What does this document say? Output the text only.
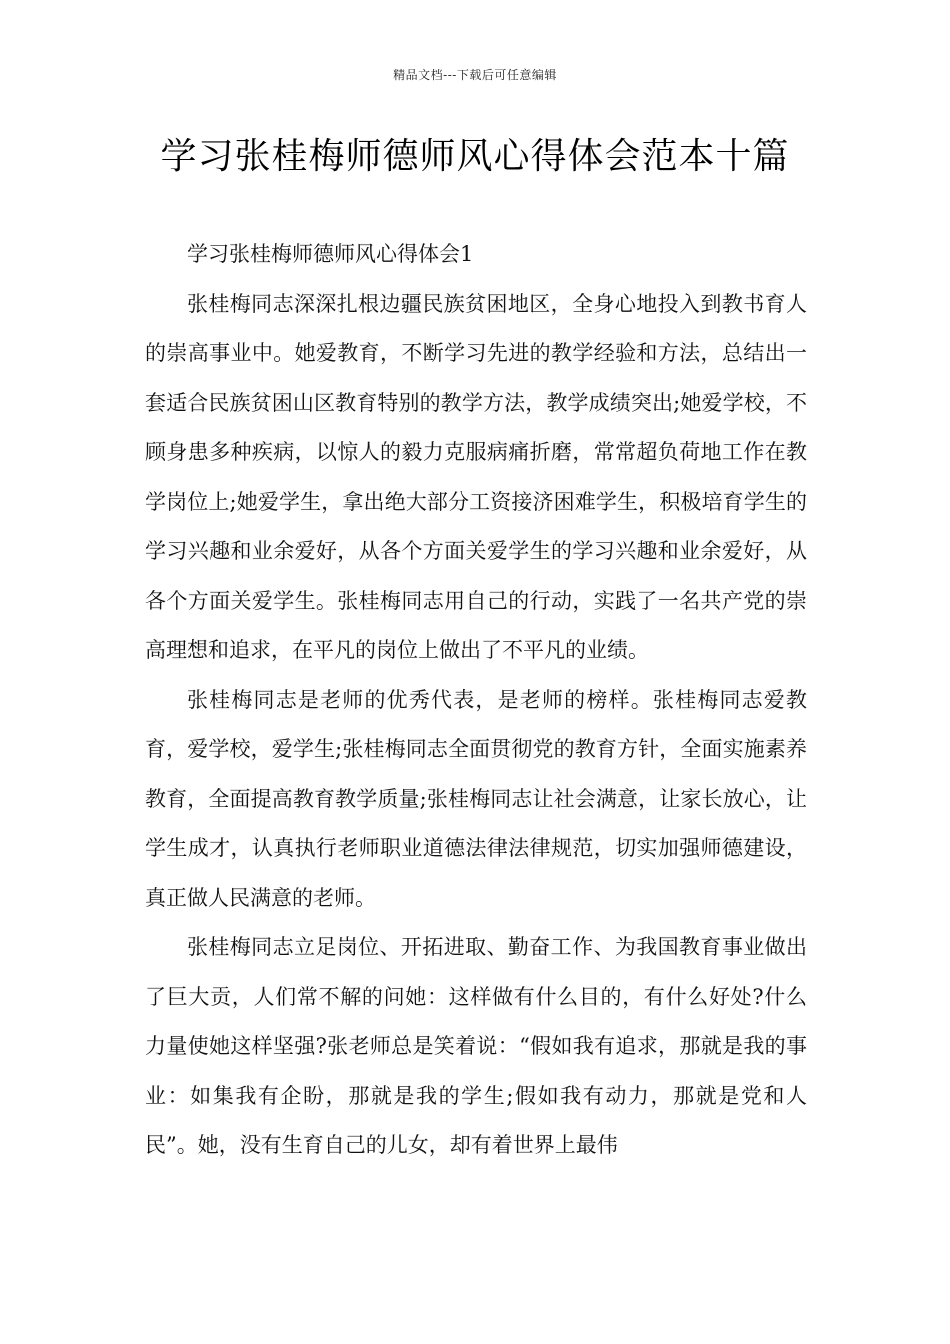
精品文档---下载后可任意编辑
学习张桂梅师德师风心得体会范本十篇

学习张桂梅师德师风心得体会1

张桂梅同志深深扎根边疆民族贫困地区，全身心地投入到教书育人的崇高事业中。她爱教育，不断学习先进的教学经验和方法，总结出一套适合民族贫困山区教育特别的教学方法，教学成绩突出;她爱学校，不顾身患多种疾病，以惊人的毅力克服病痛折磨，常常超负荷地工作在教学岗位上;她爱学生，拿出绝大部分工资接济困难学生，积极培育学生的学习兴趣和业余爱好，从各个方面关爱学生的学习兴趣和业余爱好，从各个方面关爱学生。张桂梅同志用自己的行动，实践了一名共产党的崇高理想和追求，在平凡的岗位上做出了不平凡的业绩。

张桂梅同志是老师的优秀代表，是老师的榜样。张桂梅同志爱教育，爱学校，爱学生;张桂梅同志全面贯彻党的教育方针，全面实施素养教育，全面提高教育教学质量;张桂梅同志让社会满意，让家长放心，让学生成才，认真执行老师职业道德法律法律规范，切实加强师德建设，真正做人民满意的老师。

张桂梅同志立足岗位、开拓进取、勤奋工作、为我国教育事业做出了巨大贡，人们常不解的问她：这样做有什么目的，有什么好处?什么力量使她这样坚强?张老师总是笑着说：“假如我有追求，那就是我的事业：如集我有企盼，那就是我的学生;假如我有动力，那就是党和人民”。她，没有生育自己的儿女，却有着世界上最伟
